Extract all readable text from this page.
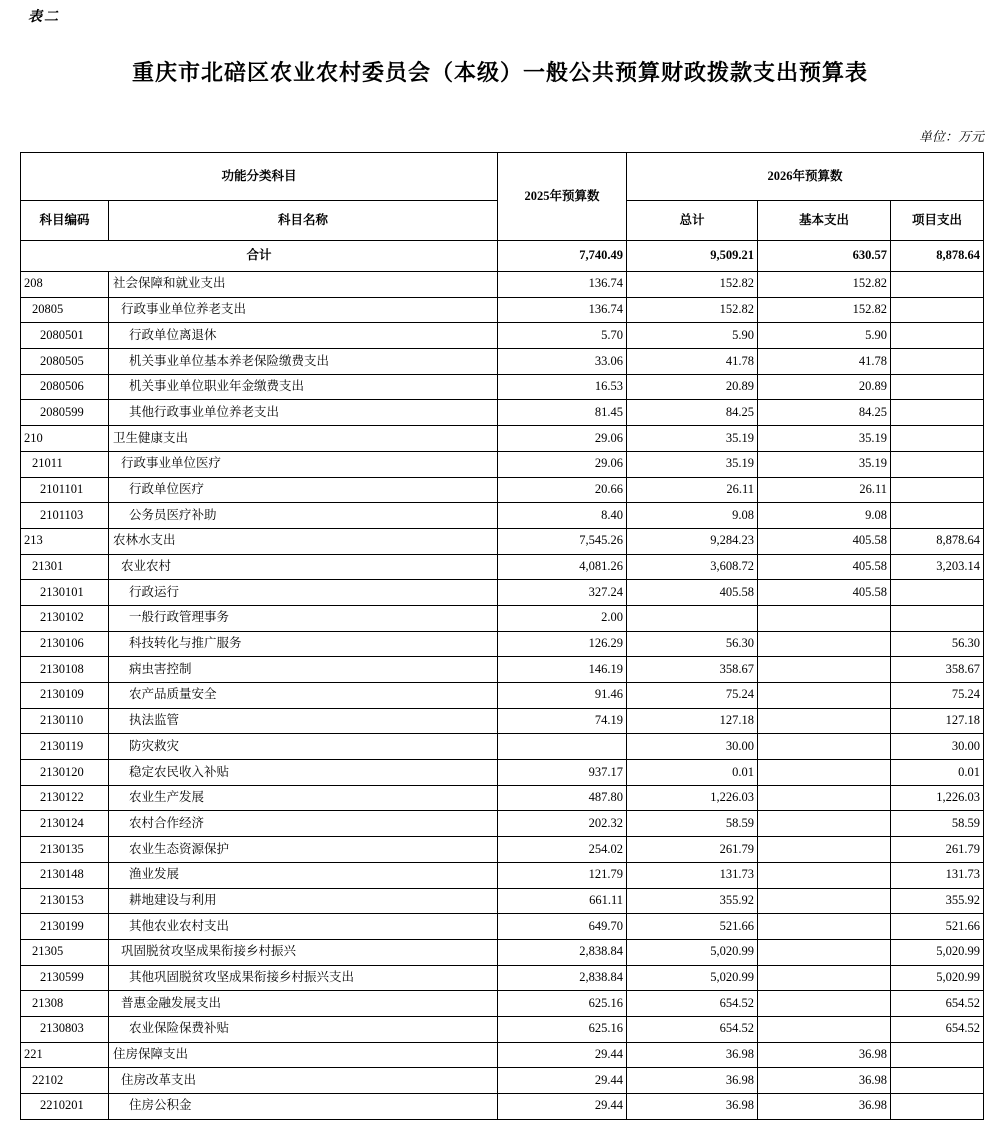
表二
重庆市北碚区农业农村委员会（本级）一般公共预算财政拨款支出预算表
单位：万元
功能分类科目		2025年预算数	2026年预算数		
科目编码	科目名称		总计	基本支出	项目支出
合计		7,740.49	9,509.21	630.57	8,878.64
208	社会保障和就业支出	136.74	152.82	152.82	
20805	行政事业单位养老支出	136.74	152.82	152.82	
2080501	行政单位离退休	5.70	5.90	5.90	
2080505	机关事业单位基本养老保险缴费支出	33.06	41.78	41.78	
2080506	机关事业单位职业年金缴费支出	16.53	20.89	20.89	
2080599	其他行政事业单位养老支出	81.45	84.25	84.25	
210	卫生健康支出	29.06	35.19	35.19	
21011	行政事业单位医疗	29.06	35.19	35.19	
2101101	行政单位医疗	20.66	26.11	26.11	
2101103	公务员医疗补助	8.40	9.08	9.08	
213	农林水支出	7,545.26	9,284.23	405.58	8,878.64
21301	农业农村	4,081.26	3,608.72	405.58	3,203.14
2130101	行政运行	327.24	405.58	405.58	
2130102	一般行政管理事务	2.00			
2130106	科技转化与推广服务	126.29	56.30		56.30
2130108	病虫害控制	146.19	358.67		358.67
2130109	农产品质量安全	91.46	75.24		75.24
2130110	执法监管	74.19	127.18		127.18
2130119	防灾救灾		30.00		30.00
2130120	稳定农民收入补贴	937.17	0.01		0.01
2130122	农业生产发展	487.80	1,226.03		1,226.03
2130124	农村合作经济	202.32	58.59		58.59
2130135	农业生态资源保护	254.02	261.79		261.79
2130148	渔业发展	121.79	131.73		131.73
2130153	耕地建设与利用	661.11	355.92		355.92
2130199	其他农业农村支出	649.70	521.66		521.66
21305	巩固脱贫攻坚成果衔接乡村振兴	2,838.84	5,020.99		5,020.99
2130599	其他巩固脱贫攻坚成果衔接乡村振兴支出	2,838.84	5,020.99		5,020.99
21308	普惠金融发展支出	625.16	654.52		654.52
2130803	农业保险保费补贴	625.16	654.52		654.52
221	住房保障支出	29.44	36.98	36.98	
22102	住房改革支出	29.44	36.98	36.98	
2210201	住房公积金	29.44	36.98	36.98	
